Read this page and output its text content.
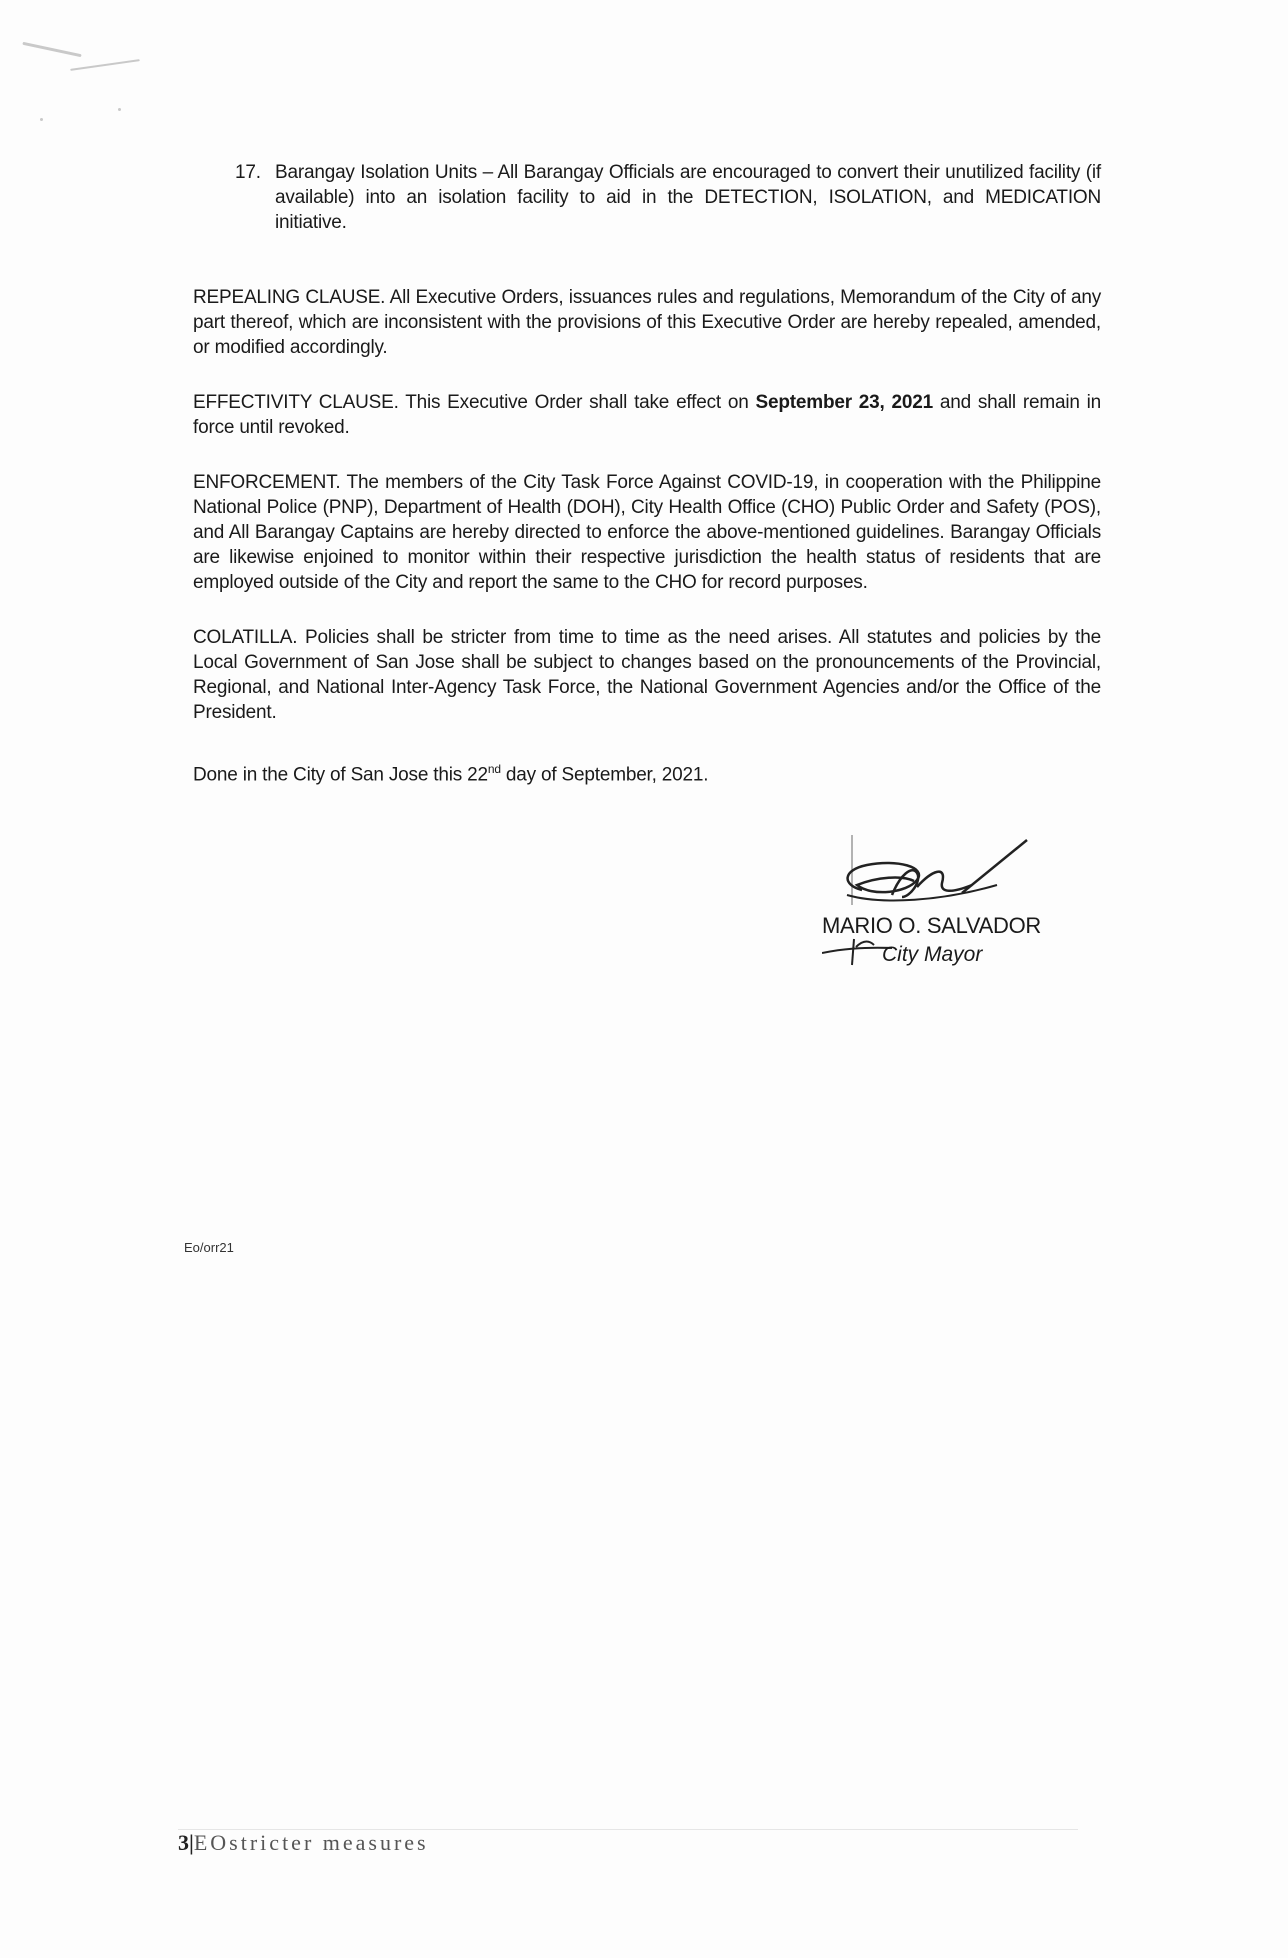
17. Barangay Isolation Units – All Barangay Officials are encouraged to convert their unutilized facility (if available) into an isolation facility to aid in the DETECTION, ISOLATION, and MEDICATION initiative.

REPEALING CLAUSE. All Executive Orders, issuances rules and regulations, Memorandum of the City of any part thereof, which are inconsistent with the provisions of this Executive Order are hereby repealed, amended, or modified accordingly.

EFFECTIVITY CLAUSE. This Executive Order shall take effect on September 23, 2021 and shall remain in force until revoked.

ENFORCEMENT. The members of the City Task Force Against COVID-19, in cooperation with the Philippine National Police (PNP), Department of Health (DOH), City Health Office (CHO) Public Order and Safety (POS), and All Barangay Captains are hereby directed to enforce the above-mentioned guidelines. Barangay Officials are likewise enjoined to monitor within their respective jurisdiction the health status of residents that are employed outside of the City and report the same to the CHO for record purposes.

COLATILLA. Policies shall be stricter from time to time as the need arises. All statutes and policies by the Local Government of San Jose shall be subject to changes based on the pronouncements of the Provincial, Regional, and National Inter-Agency Task Force, the National Government Agencies and/or the Office of the President.

Done in the City of San Jose this 22nd day of September, 2021.

MARIO O. SALVADOR
City Mayor
Eo/orr21
3|EOstricter measures
